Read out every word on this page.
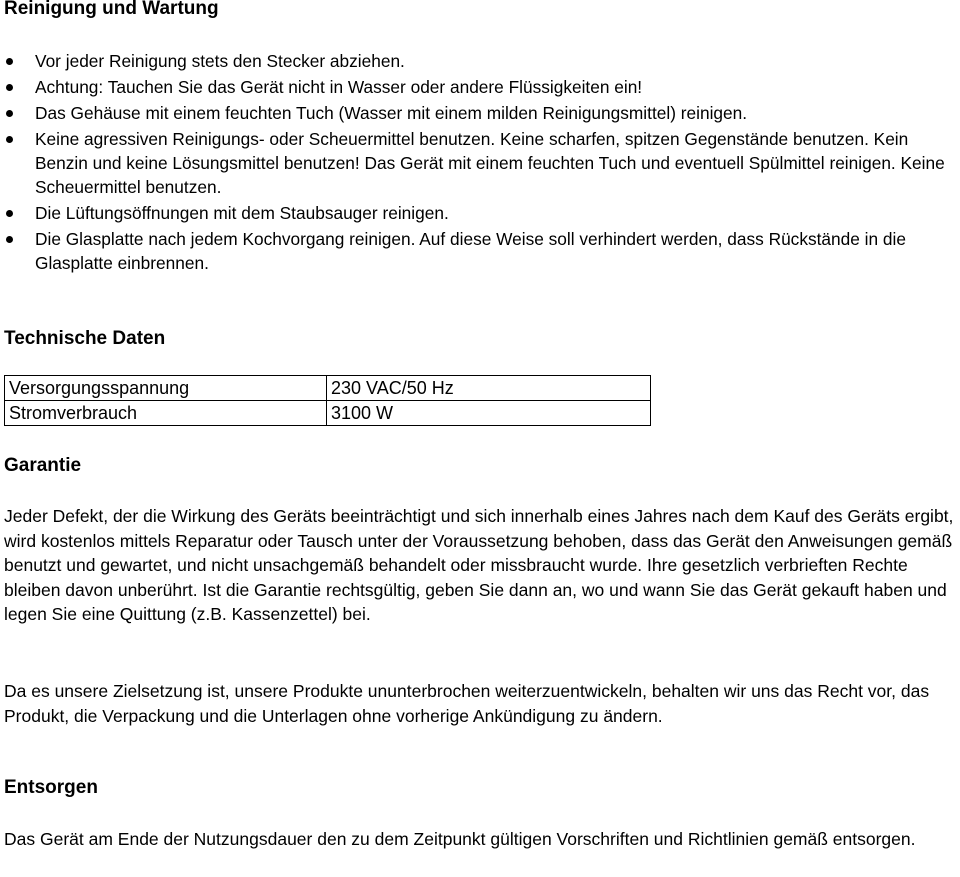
Reinigung und Wartung
Vor jeder Reinigung stets den Stecker abziehen.
Achtung: Tauchen Sie das Gerät nicht in Wasser oder andere Flüssigkeiten ein!
Das Gehäuse mit einem feuchten Tuch (Wasser mit einem milden Reinigungsmittel) reinigen.
Keine agressiven Reinigungs- oder Scheuermittel benutzen. Keine scharfen, spitzen Gegenstände benutzen. Kein Benzin und keine Lösungsmittel benutzen! Das Gerät mit einem feuchten Tuch und eventuell Spülmittel reinigen. Keine Scheuermittel benutzen.
Die Lüftungsöffnungen mit dem Staubsauger reinigen.
Die Glasplatte nach jedem Kochvorgang reinigen. Auf diese Weise soll verhindert werden, dass Rückstände in die Glasplatte einbrennen.
Technische Daten
Versorgungsspannung	230 VAC/50 Hz
Stromverbrauch	3100 W
Garantie

Jeder Defekt, der die Wirkung des Geräts beeinträchtigt und sich innerhalb eines Jahres nach dem Kauf des Geräts ergibt, wird kostenlos mittels Reparatur oder Tausch unter der Voraussetzung behoben, dass das Gerät den Anweisungen gemäß benutzt und gewartet, und nicht unsachgemäß behandelt oder missbraucht wurde. Ihre gesetzlich verbrieften Rechte bleiben davon unberührt. Ist die Garantie rechtsgültig, geben Sie dann an, wo und wann Sie das Gerät gekauft haben und legen Sie eine Quittung (z.B. Kassenzettel) bei.

Da es unsere Zielsetzung ist, unsere Produkte ununterbrochen weiterzuentwickeln, behalten wir uns das Recht vor, das Produkt, die Verpackung und die Unterlagen ohne vorherige Ankündigung zu ändern.

Entsorgen

Das Gerät am Ende der Nutzungsdauer den zu dem Zeitpunkt gültigen Vorschriften und Richtlinien gemäß entsorgen.
